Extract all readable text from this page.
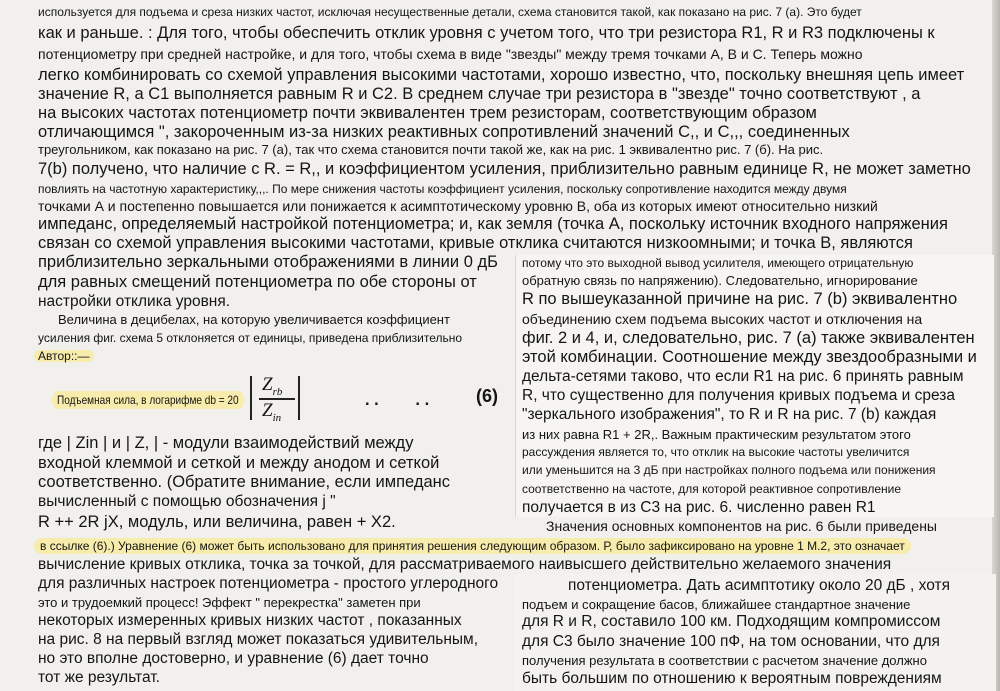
используется для подъема и среза низких частот, исключая несущественные детали, схема становится такой, как показано на рис. 7 (а). Это будет
как и раньше. : Для того, чтобы обеспечить отклик уровня с учетом того, что три резистора R1, R и R3 подключены к
потенциометру при средней настройке, и для того, чтобы схема в виде "звезды" между тремя точками А, В и С. Теперь можно
легко комбинировать со схемой управления высокими частотами, хорошо известно, что, поскольку внешняя цепь имеет
значение R, а С1 выполняется равным R и С2. В среднем случае три резистора в "звезде" точно соответствуют , а
на высоких частотах потенциометр почти эквивалентен трем резисторам, соответствующим образом
отличающимся ", закороченным из-за низких реактивных сопротивлений значений С,, и С,,, соединенных
треугольником, как показано на рис. 7 (а), так что схема становится почти такой же, как на рис. 1 эквивалентно рис. 7 (б). На рис.
7(b) получено, что наличие с R. = R,, и коэффициентом усиления, приблизительно равным единице R, не может заметно
повлиять на частотную характеристику,,,. По мере снижения частоты коэффициент усиления, поскольку сопротивление находится между двумя
точками А и постепенно повышается или понижается к асимптотическому уровню В, оба из которых имеют относительно низкий
импеданс, определяемый настройкой потенциометра; и, как земля (точка А, поскольку источник входного напряжения
связан со схемой управления высокими частотами, кривые отклика считаются низкоомными; и точка В, являются
приблизительно зеркальными отображениями в линии 0 дБ
для равных смещений потенциометра по обе стороны от
настройки отклика уровня.
Величина в децибелах, на которую увеличивается коэффициент
усиления фиг. схема 5 отклоняется от единицы, приведена приблизительно
Автор::—
Подъемная сила, в логарифме db = 20
$Z_{rb}$
$Z_{in}$
. .        . .	(6)
где | Zin | и | Z, | - модули взаимодействий между
входной клеммой и сеткой и между анодом и сеткой
соответственно. (Обратите внимание, если импеданс
вычисленный с помощью обозначения j "
R ++ 2R jX, модуль, или величина, равен + X2.
потому что это выходной вывод усилителя, имеющего отрицательную
обратную связь по напряжению). Следовательно, игнорирование
R по вышеуказанной причине на рис. 7 (b) эквивалентно
объединению схем подъема высоких частот и отключения на
фиг. 2 и 4, и, следовательно, рис. 7 (а) также эквивалентен
этой комбинации. Соотношение между звездообразными и
дельта-сетями таково, что если R1 на рис. 6 принять равным
R, что существенно для получения кривых подъема и среза
"зеркального изображения", то R и R на рис. 7 (b) каждая
из них равна R1 + 2R,. Важным практическим результатом этого
рассуждения является то, что отклик на высокие частоты увеличится
или уменьшится на 3 дБ при настройках полного подъема или понижения
соответственно на частоте, для которой реактивное сопротивление
получается в из С3 на рис. 6. численно равен R1
Значения основных компонентов на рис. 6 были приведены
в ссылке (6).) Уравнение (6) может быть использовано для принятия решения следующим образом. Р, было зафиксировано на уровне 1 М.2, это означает
вычисление кривых отклика, точка за точкой, для рассматриваемого наивысшего действительно желаемого значения
для различных настроек потенциометра - простого углеродного
это и трудоемкий процесс! Эффект " перекрестка" заметен при
некоторых измеренных кривых низких частот , показанных
на рис. 8 на первый взгляд может показаться удивительным,
но это вполне достоверно, и уравнение (6) дает точно
тот же результат.
потенциометра. Дать асимптотику около 20 дБ , хотя
подъем и сокращение басов, ближайшее стандартное значение
для R и R, составило 100 км. Подходящим компромиссом
для С3 было значение 100 пФ, на том основании, что для
получения результата в соответствии с расчетом значение должно
быть большим по отношению к вероятным повреждениям
